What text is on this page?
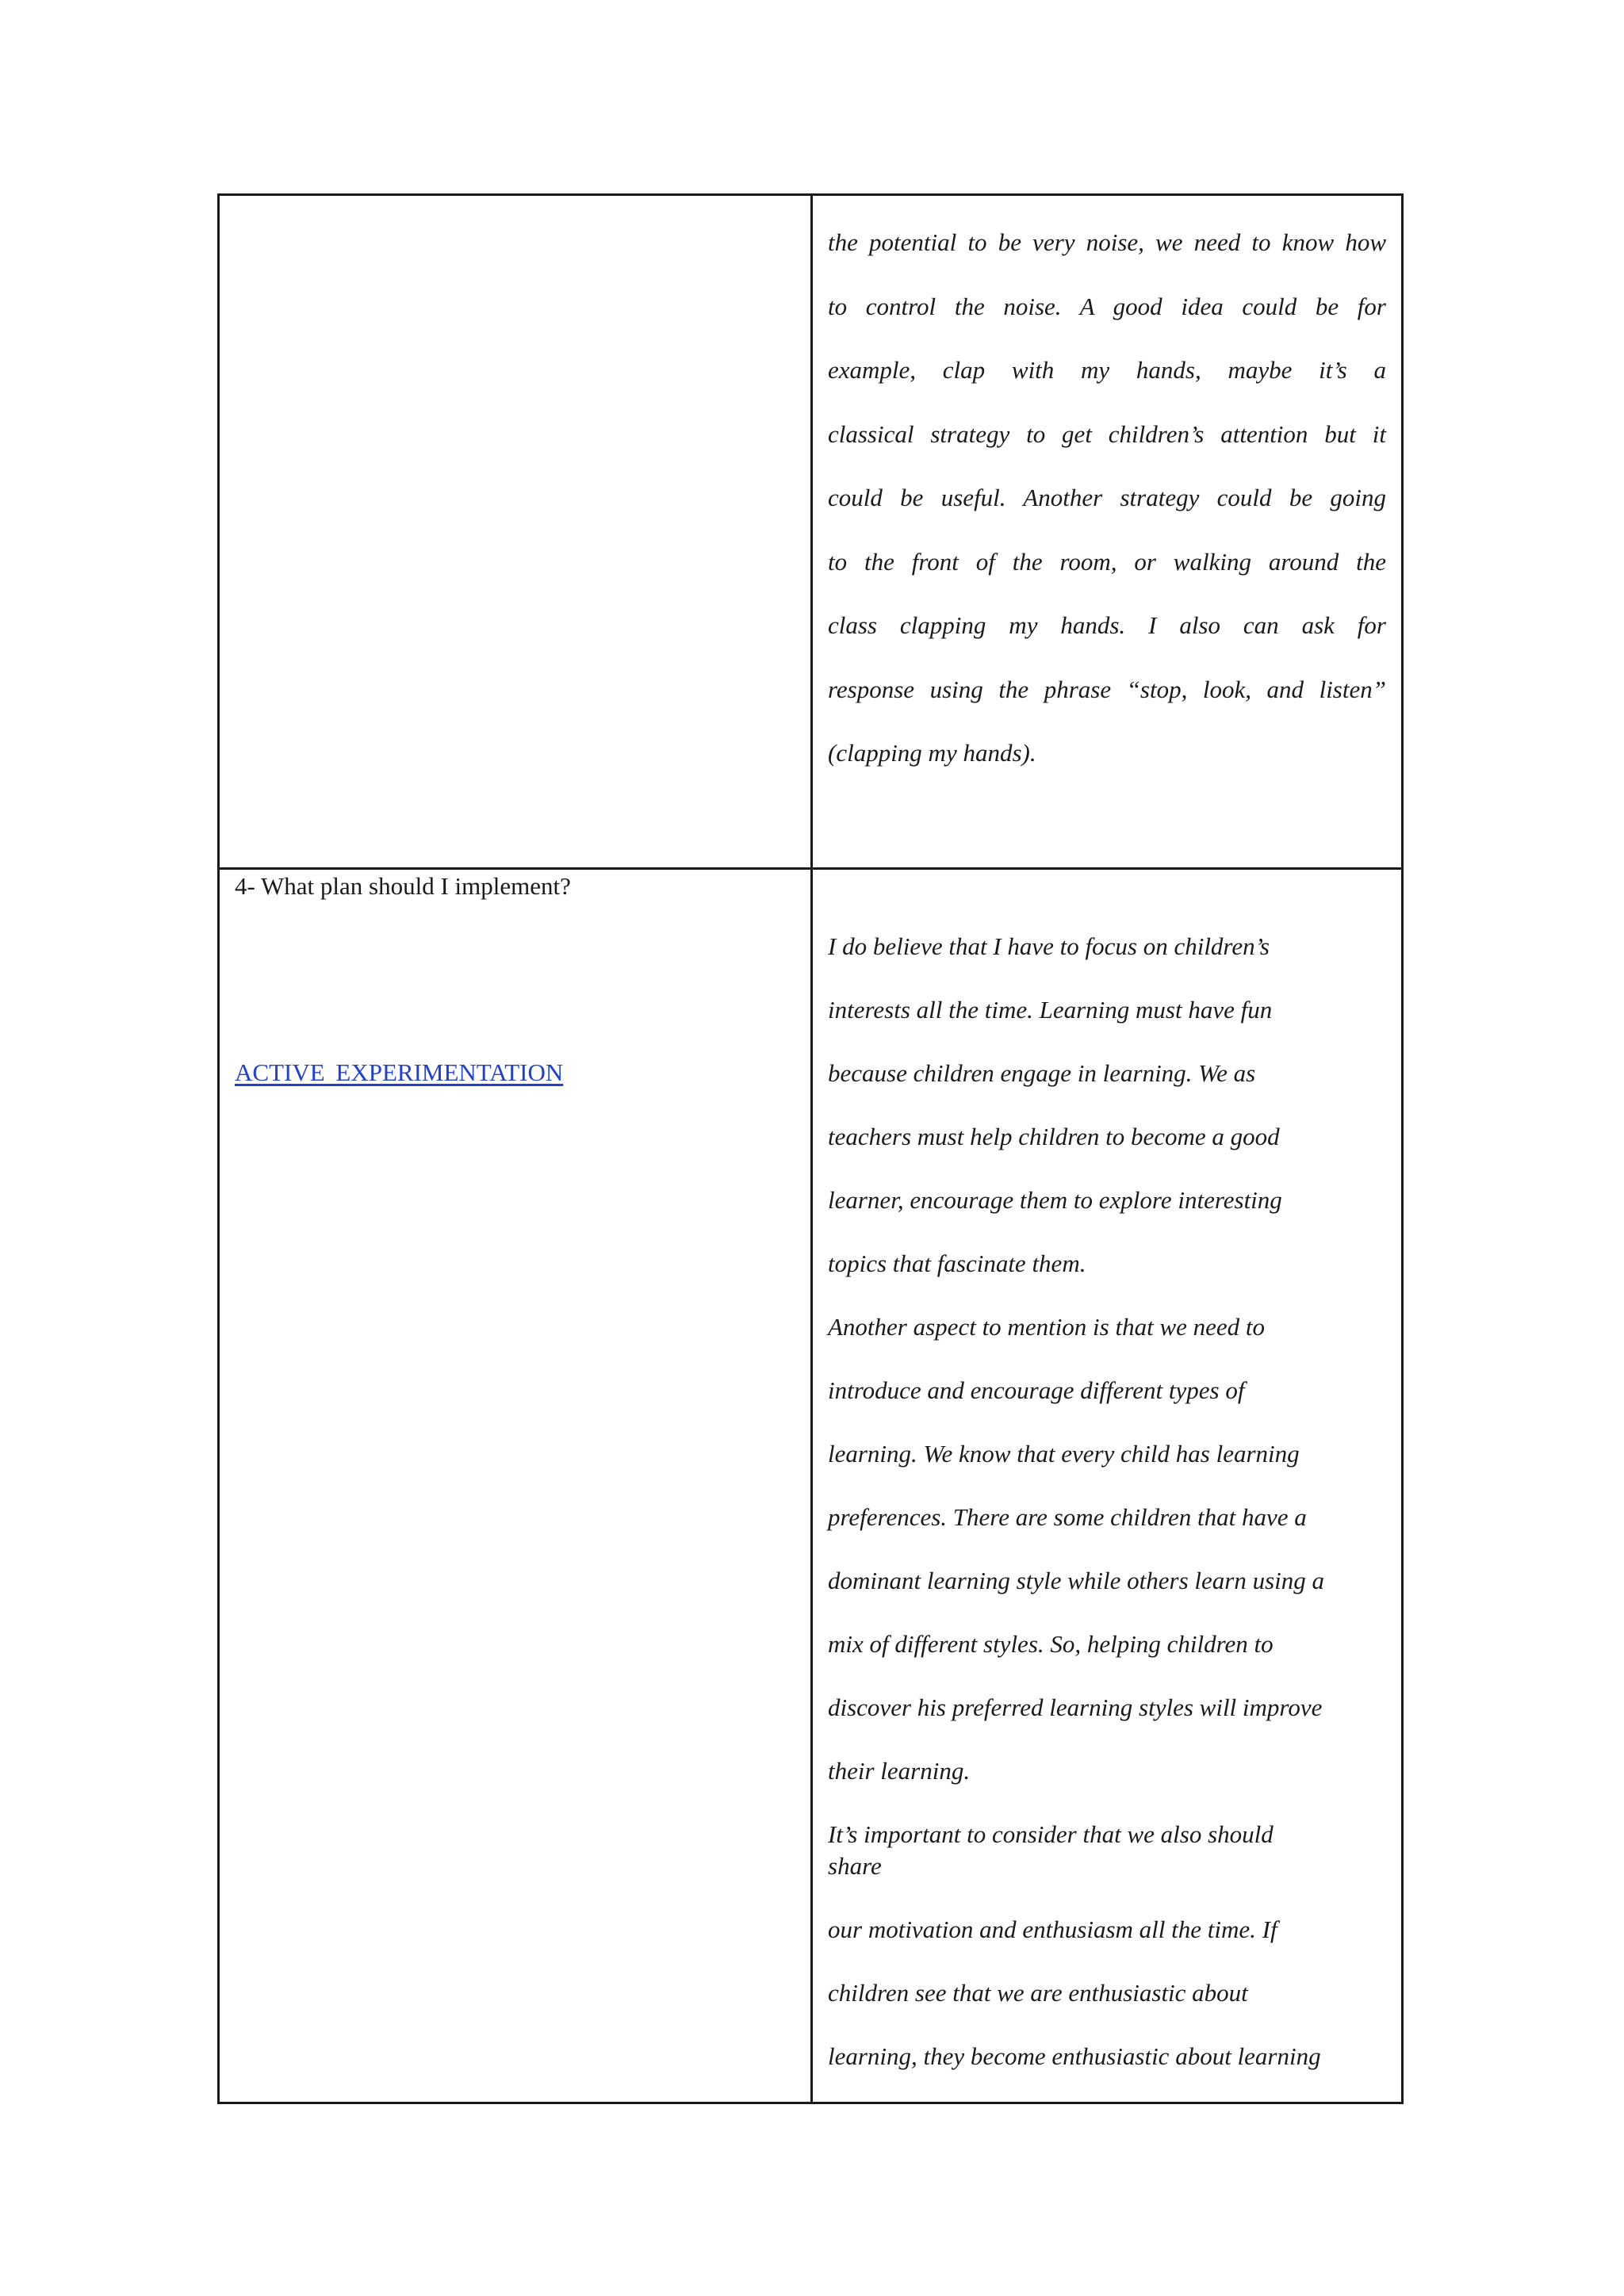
the potential to be very noise, we need to know how
to control the noise. A good idea could be for
example, clap with my hands, maybe it’s a
classical strategy to get children’s attention but it
could be useful. Another strategy could be going
to the front of the room, or walking around the
class clapping my hands. I also can ask for
response using the phrase “stop, look, and listen”
(clapping my hands).
4- What plan should I implement?
ACTIVE EXPERIMENTATION
I do believe that I have to focus on children’s
interests all the time. Learning must have fun
because children engage in learning. We as
teachers must help children to become a good
learner, encourage them to explore interesting
topics that fascinate them.
Another aspect to mention is that we need to
introduce and encourage different types of
learning. We know that every child has learning
preferences. There are some children that have a
dominant learning style while others learn using a
mix of different styles. So, helping children to
discover his preferred learning styles will improve
their learning.
It’s important to consider that we also should
share
our motivation and enthusiasm all the time. If
children see that we are enthusiastic about
learning, they become enthusiastic about learning
